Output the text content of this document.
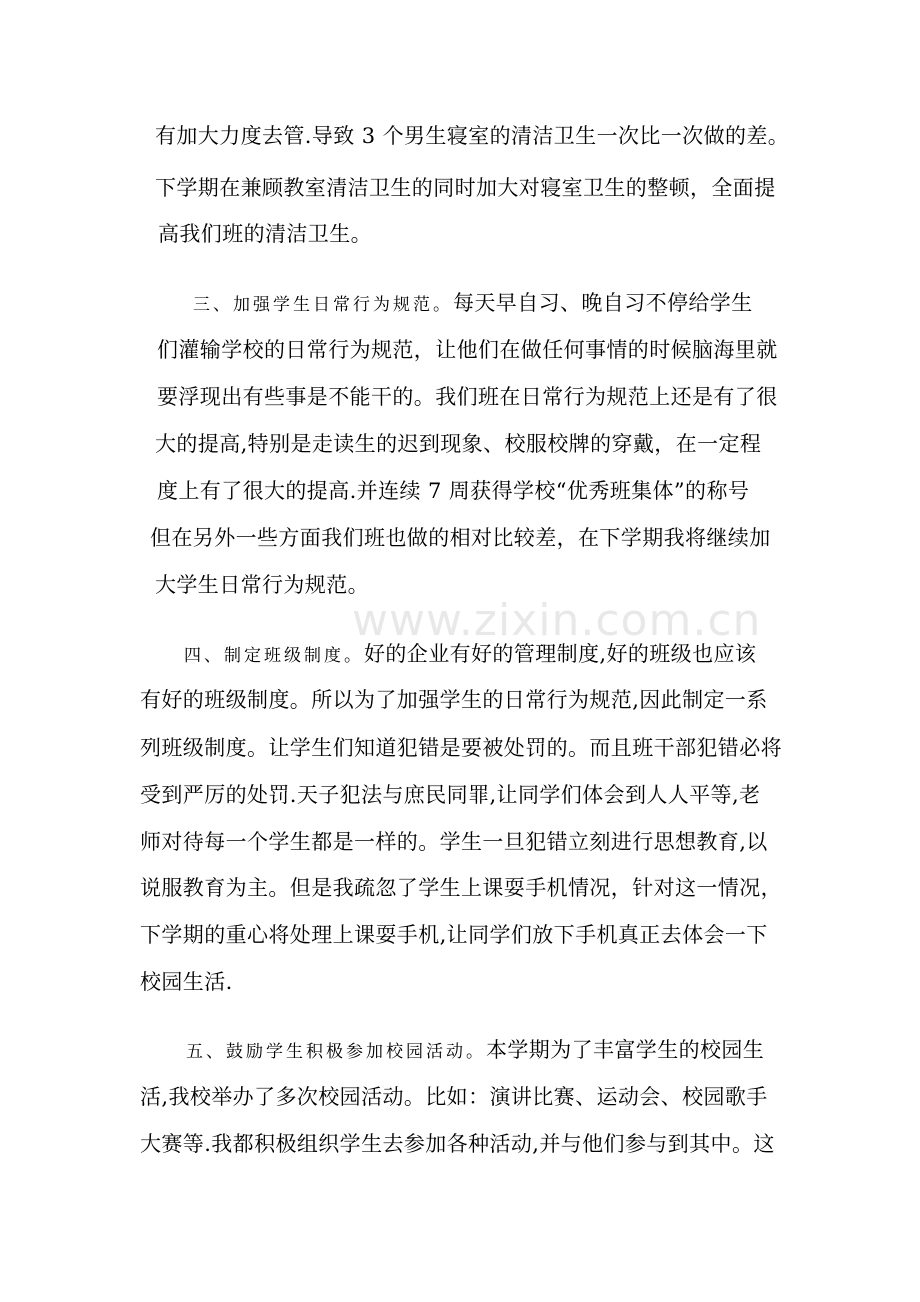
www.zixin.com.cn
有加大力度去管.导致 3 个男生寝室的清洁卫生一次比一次做的差。
下学期在兼顾教室清洁卫生的同时加大对寝室卫生的整顿，全面提
高我们班的清洁卫生。
三、加强学生日常行为规范。每天早自习、晚自习不停给学生
们灌输学校的日常行为规范，让他们在做任何事情的时候脑海里就
要浮现出有些事是不能干的。我们班在日常行为规范上还是有了很
大的提高,特别是走读生的迟到现象、校服校牌的穿戴，在一定程
度上有了很大的提高.并连续 7 周获得学校“优秀班集体”的称号
但在另外一些方面我们班也做的相对比较差，在下学期我将继续加
大学生日常行为规范。
四、制定班级制度。好的企业有好的管理制度,好的班级也应该
有好的班级制度。所以为了加强学生的日常行为规范,因此制定一系
列班级制度。让学生们知道犯错是要被处罚的。而且班干部犯错必将
受到严厉的处罚.天子犯法与庶民同罪,让同学们体会到人人平等,老
师对待每一个学生都是一样的。学生一旦犯错立刻进行思想教育,以
说服教育为主。但是我疏忽了学生上课耍手机情况，针对这一情况，
下学期的重心将处理上课耍手机,让同学们放下手机真正去体会一下
校园生活.
五、鼓励学生积极参加校园活动。本学期为了丰富学生的校园生
活,我校举办了多次校园活动。比如：演讲比赛、运动会、校园歌手
大赛等.我都积极组织学生去参加各种活动,并与他们参与到其中。这
